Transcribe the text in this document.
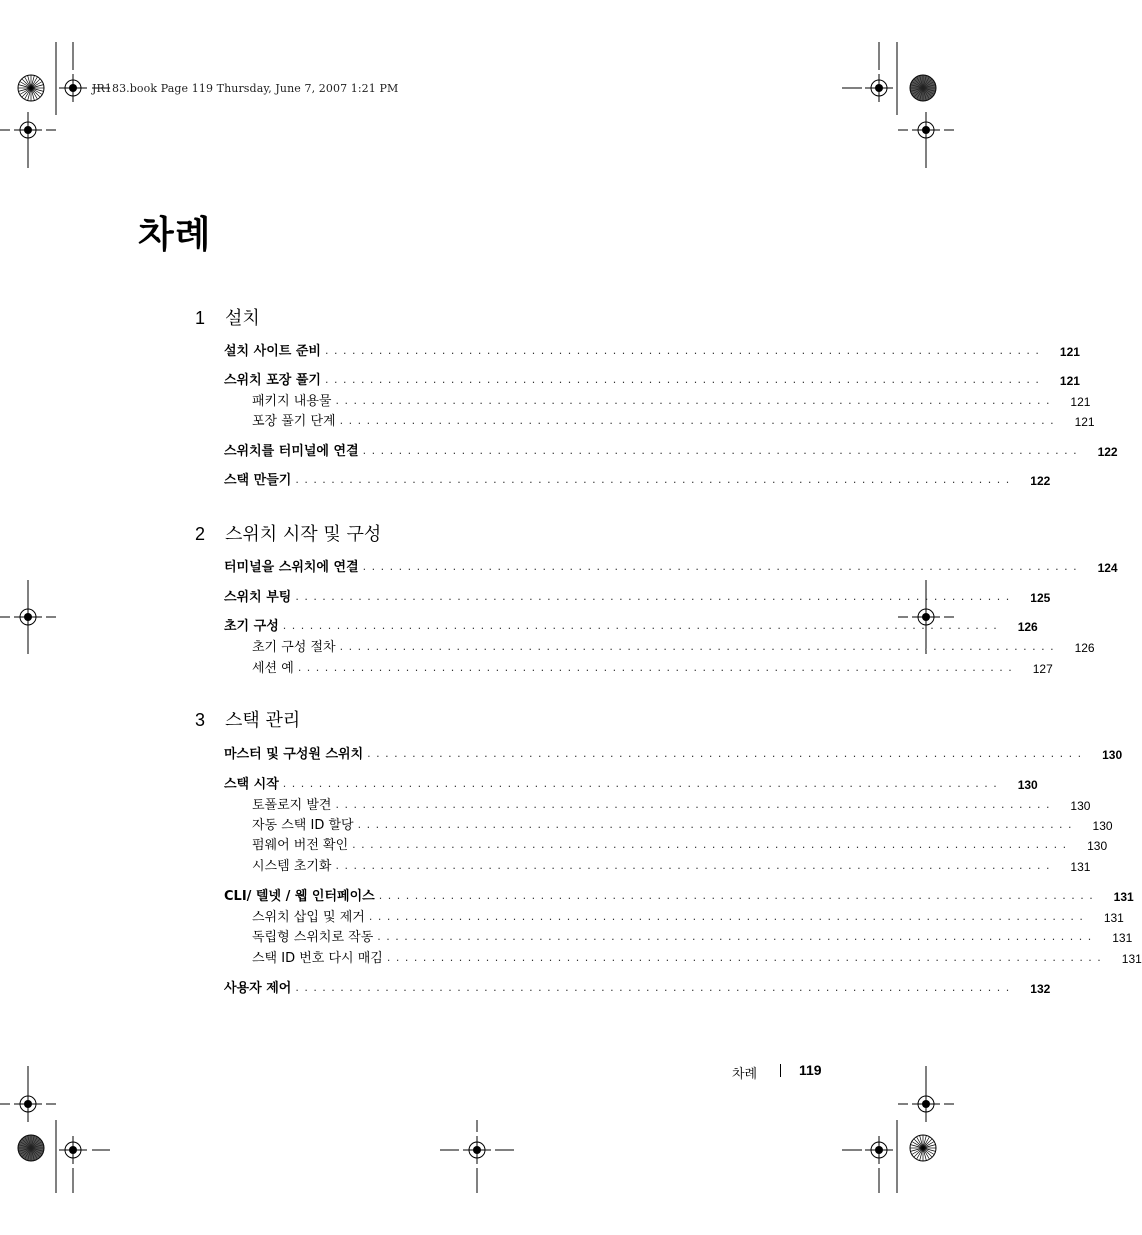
JR183.book Page 119 Thursday, June 7, 2007 1:21 PM
차례
1 설치
설치 사이트 준비 . . . . . . . . . . . . . . . . . . . . . . . . . . . . . . . . . . . . . . . . . . . . . . . . . . . . . . . . . . . . . . . . . . . . . . . . . . . . . . . .	121
스위치 포장 풀기 . . . . . . . . . . . . . . . . . . . . . . . . . . . . . . . . . . . . . . . . . . . . . . . . . . . . . . . . . . . . . . . . . . . . . . . . . . . . . . . .	121
패키지 내용물 . . . . . . . . . . . . . . . . . . . . . . . . . . . . . . . . . . . . . . . . . . . . . . . . . . . . . . . . . . . . . . . . . . . . . . . . . . . . . . . .	121
포장 풀기 단계 . . . . . . . . . . . . . . . . . . . . . . . . . . . . . . . . . . . . . . . . . . . . . . . . . . . . . . . . . . . . . . . . . . . . . . . . . . . . . . . .	121
스위치를 터미널에 연결 . . . . . . . . . . . . . . . . . . . . . . . . . . . . . . . . . . . . . . . . . . . . . . . . . . . . . . . . . . . . . . . . . . . . . . . . . . . . . . . .	122
스택 만들기 . . . . . . . . . . . . . . . . . . . . . . . . . . . . . . . . . . . . . . . . . . . . . . . . . . . . . . . . . . . . . . . . . . . . . . . . . . . . . . . .	122
2 스위치 시작 및 구성
터미널을 스위치에 연결 . . . . . . . . . . . . . . . . . . . . . . . . . . . . . . . . . . . . . . . . . . . . . . . . . . . . . . . . . . . . . . . . . . . . . . . . . . . . . . . .	124
스위치 부팅 . . . . . . . . . . . . . . . . . . . . . . . . . . . . . . . . . . . . . . . . . . . . . . . . . . . . . . . . . . . . . . . . . . . . . . . . . . . . . . . .	125
초기 구성 . . . . . . . . . . . . . . . . . . . . . . . . . . . . . . . . . . . . . . . . . . . . . . . . . . . . . . . . . . . . . . . . . . . . . . . . . . . . . . . .	126
초기 구성 절차 . . . . . . . . . . . . . . . . . . . . . . . . . . . . . . . . . . . . . . . . . . . . . . . . . . . . . . . . . . . . . . . . . . . . . . . . . . . . . . . .	126
세션 예 . . . . . . . . . . . . . . . . . . . . . . . . . . . . . . . . . . . . . . . . . . . . . . . . . . . . . . . . . . . . . . . . . . . . . . . . . . . . . . . .	127
3 스택 관리
마스터 및 구성원 스위치 . . . . . . . . . . . . . . . . . . . . . . . . . . . . . . . . . . . . . . . . . . . . . . . . . . . . . . . . . . . . . . . . . . . . . . . . . . . . . . . .	130
스택 시작 . . . . . . . . . . . . . . . . . . . . . . . . . . . . . . . . . . . . . . . . . . . . . . . . . . . . . . . . . . . . . . . . . . . . . . . . . . . . . . . .	130
토폴로지 발견 . . . . . . . . . . . . . . . . . . . . . . . . . . . . . . . . . . . . . . . . . . . . . . . . . . . . . . . . . . . . . . . . . . . . . . . . . . . . . . . .	130
자동 스택 ID 할당 . . . . . . . . . . . . . . . . . . . . . . . . . . . . . . . . . . . . . . . . . . . . . . . . . . . . . . . . . . . . . . . . . . . . . . . . . . . . . . . .	130
펌웨어 버전 확인 . . . . . . . . . . . . . . . . . . . . . . . . . . . . . . . . . . . . . . . . . . . . . . . . . . . . . . . . . . . . . . . . . . . . . . . . . . . . . . . .	130
시스템 초기화 . . . . . . . . . . . . . . . . . . . . . . . . . . . . . . . . . . . . . . . . . . . . . . . . . . . . . . . . . . . . . . . . . . . . . . . . . . . . . . . .	131
CLI/ 텔넷 / 웹 인터페이스 . . . . . . . . . . . . . . . . . . . . . . . . . . . . . . . . . . . . . . . . . . . . . . . . . . . . . . . . . . . . . . . . . . . . . . . . . . . . . . . .	131
스위치 삽입 및 제거 . . . . . . . . . . . . . . . . . . . . . . . . . . . . . . . . . . . . . . . . . . . . . . . . . . . . . . . . . . . . . . . . . . . . . . . . . . . . . . . .	131
독립형 스위치로 작동 . . . . . . . . . . . . . . . . . . . . . . . . . . . . . . . . . . . . . . . . . . . . . . . . . . . . . . . . . . . . . . . . . . . . . . . . . . . . . . . .	131
스택 ID 번호 다시 매김 . . . . . . . . . . . . . . . . . . . . . . . . . . . . . . . . . . . . . . . . . . . . . . . . . . . . . . . . . . . . . . . . . . . . . . . . . . . . . . . .	131
사용자 제어 . . . . . . . . . . . . . . . . . . . . . . . . . . . . . . . . . . . . . . . . . . . . . . . . . . . . . . . . . . . . . . . . . . . . . . . . . . . . . . . .	132
차례	119
